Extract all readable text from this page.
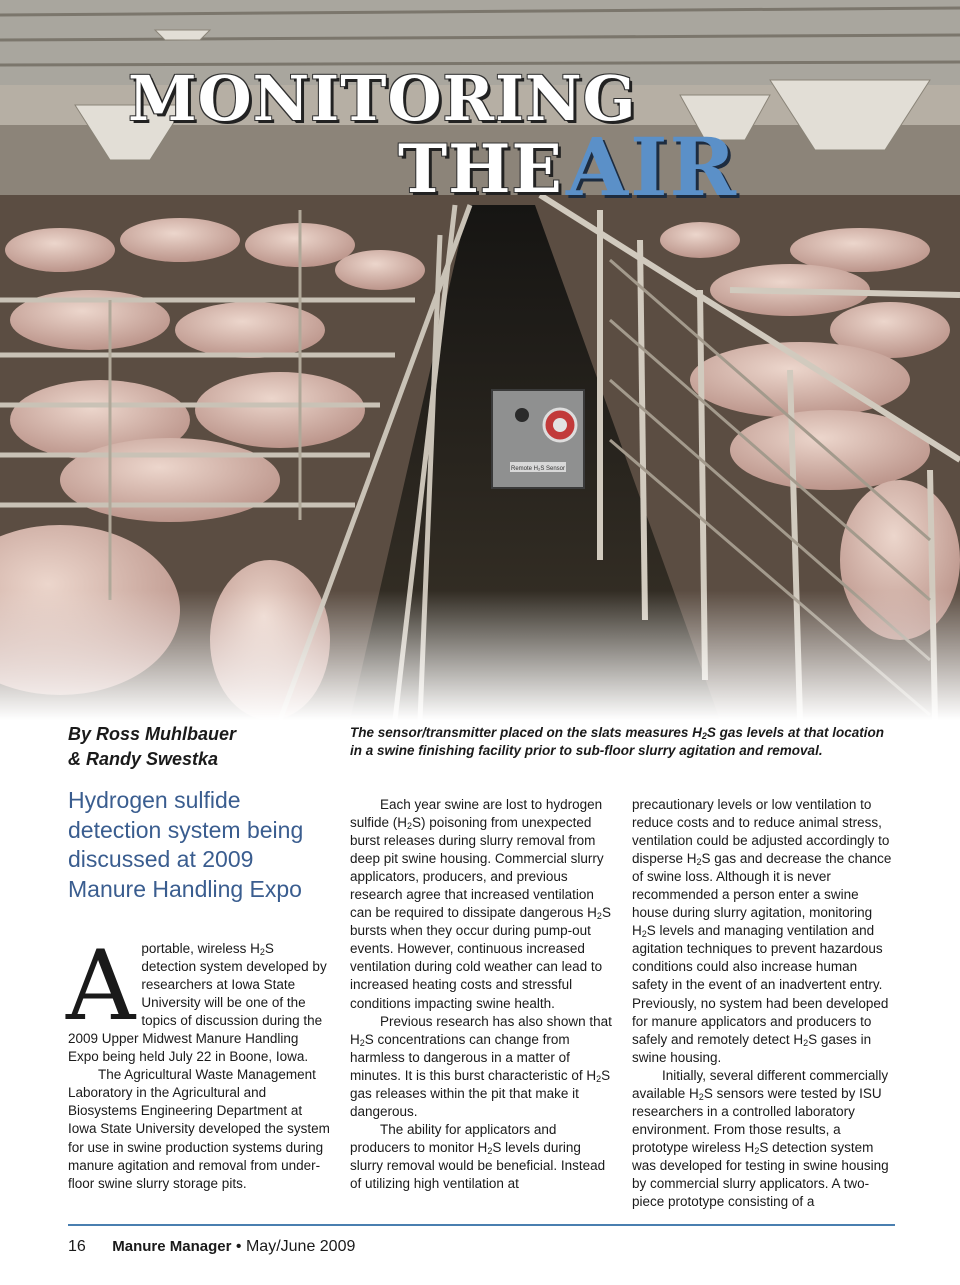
MONITORING
THE AIR
By Ross Muhlbauer
& Randy Swestka
The sensor/transmitter placed on the slats measures $H_2S$ gas levels at that location in a swine finishing facility prior to sub-floor slurry agitation and removal.
Hydrogen sulfide detection system being discussed at 2009 Manure Handling Expo

Aportable, wireless $H_2S$ detection system developed by researchers at Iowa State University will be one of the topics of discussion during the 2009 Upper Midwest Manure Handling Expo being held July 22 in Boone, Iowa.

The Agricultural Waste Management Laboratory in the Agricultural and Biosystems Engineering Department at Iowa State University developed the system for use in swine production systems during manure agitation and removal from under-floor swine slurry storage pits.

Each year swine are lost to hydrogen sulfide $(H_2S)$ poisoning from unexpected burst releases during slurry removal from deep pit swine housing. Commercial slurry applicators, producers, and previous research agree that increased ventilation can be required to dissipate dangerous $H_2S$ bursts when they occur during pump-out events. However, continuous increased ventilation during cold weather can lead to increased heating costs and stressful conditions impacting swine health.

Previous research has also shown that $H_2S$ concentrations can change from harmless to dangerous in a matter of minutes. It is this burst characteristic of $H_2S$ gas releases within the pit that make it dangerous.

The ability for applicators and producers to monitor $H_2S$ levels during slurry removal would be beneficial. Instead of utilizing high ventilation at

precautionary levels or low ventilation to reduce costs and to reduce animal stress, ventilation could be adjusted accordingly to disperse $H_2S$ gas and decrease the chance of swine loss. Although it is never recommended a person enter a swine house during slurry agitation, monitoring $H_2S$ levels and managing ventilation and agitation techniques to prevent hazardous conditions could also increase human safety in the event of an inadvertent entry. Previously, no system had been developed for manure applicators and producers to safely and remotely detect $H_2S$ gases in swine housing.

Initially, several different commercially available $H_2S$ sensors were tested by ISU researchers in a controlled laboratory environment. From those results, a prototype wireless $H_2S$ detection system was developed for testing in swine housing by commercial slurry applicators. A two-piece prototype consisting of a

16 Manure Manager • May/June 2009
